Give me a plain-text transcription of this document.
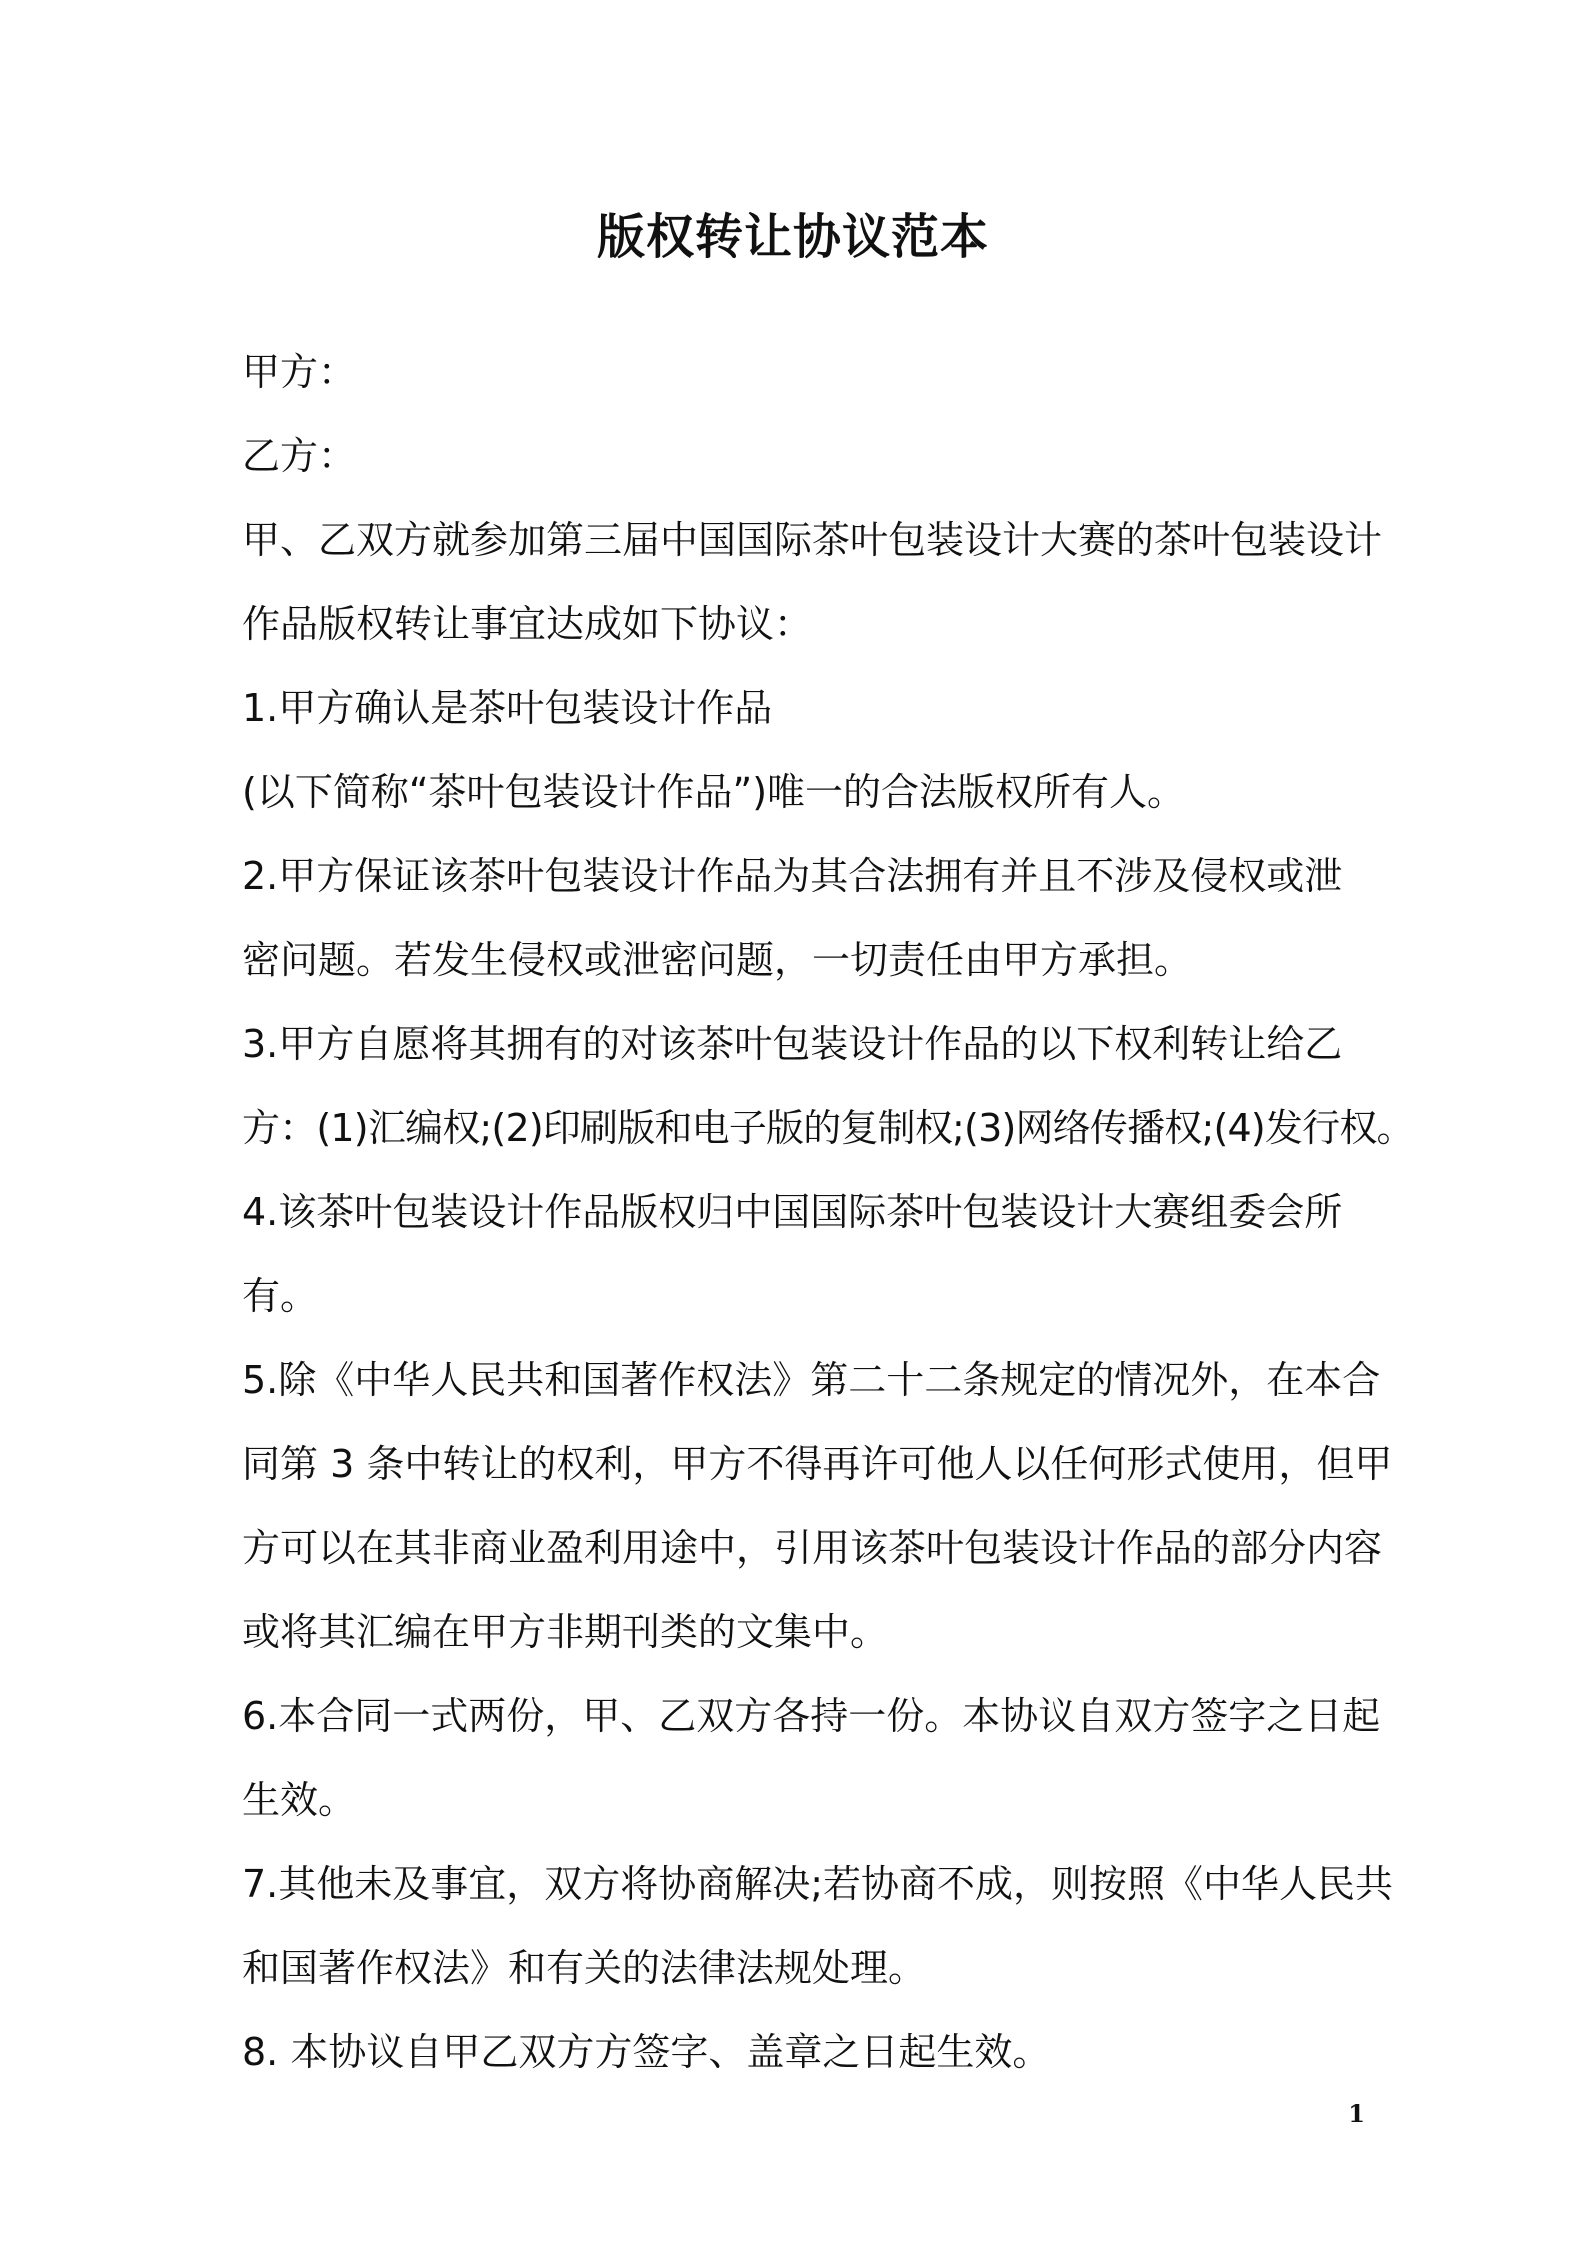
版权转让协议范本
甲方：
乙方：
甲、乙双方就参加第三届中国国际茶叶包装设计大赛的茶叶包装设计
作品版权转让事宜达成如下协议：
1.甲方确认是茶叶包装设计作品
(以下简称“茶叶包装设计作品”)唯一的合法版权所有人。
2.甲方保证该茶叶包装设计作品为其合法拥有并且不涉及侵权或泄
密问题。若发生侵权或泄密问题，一切责任由甲方承担。
3.甲方自愿将其拥有的对该茶叶包装设计作品的以下权利转让给乙
方：(1)汇编权;(2)印刷版和电子版的复制权;(3)网络传播权;(4)发行权。
4.该茶叶包装设计作品版权归中国国际茶叶包装设计大赛组委会所
有。
5.除《中华人民共和国著作权法》第二十二条规定的情况外，在本合
同第 3 条中转让的权利，甲方不得再许可他人以任何形式使用，但甲
方可以在其非商业盈利用途中，引用该茶叶包装设计作品的部分内容
或将其汇编在甲方非期刊类的文集中。
6.本合同一式两份，甲、乙双方各持一份。本协议自双方签字之日起
生效。
7.其他未及事宜，双方将协商解决;若协商不成，则按照《中华人民共
和国著作权法》和有关的法律法规处理。
8. 本协议自甲乙双方方签字、盖章之日起生效。
1
